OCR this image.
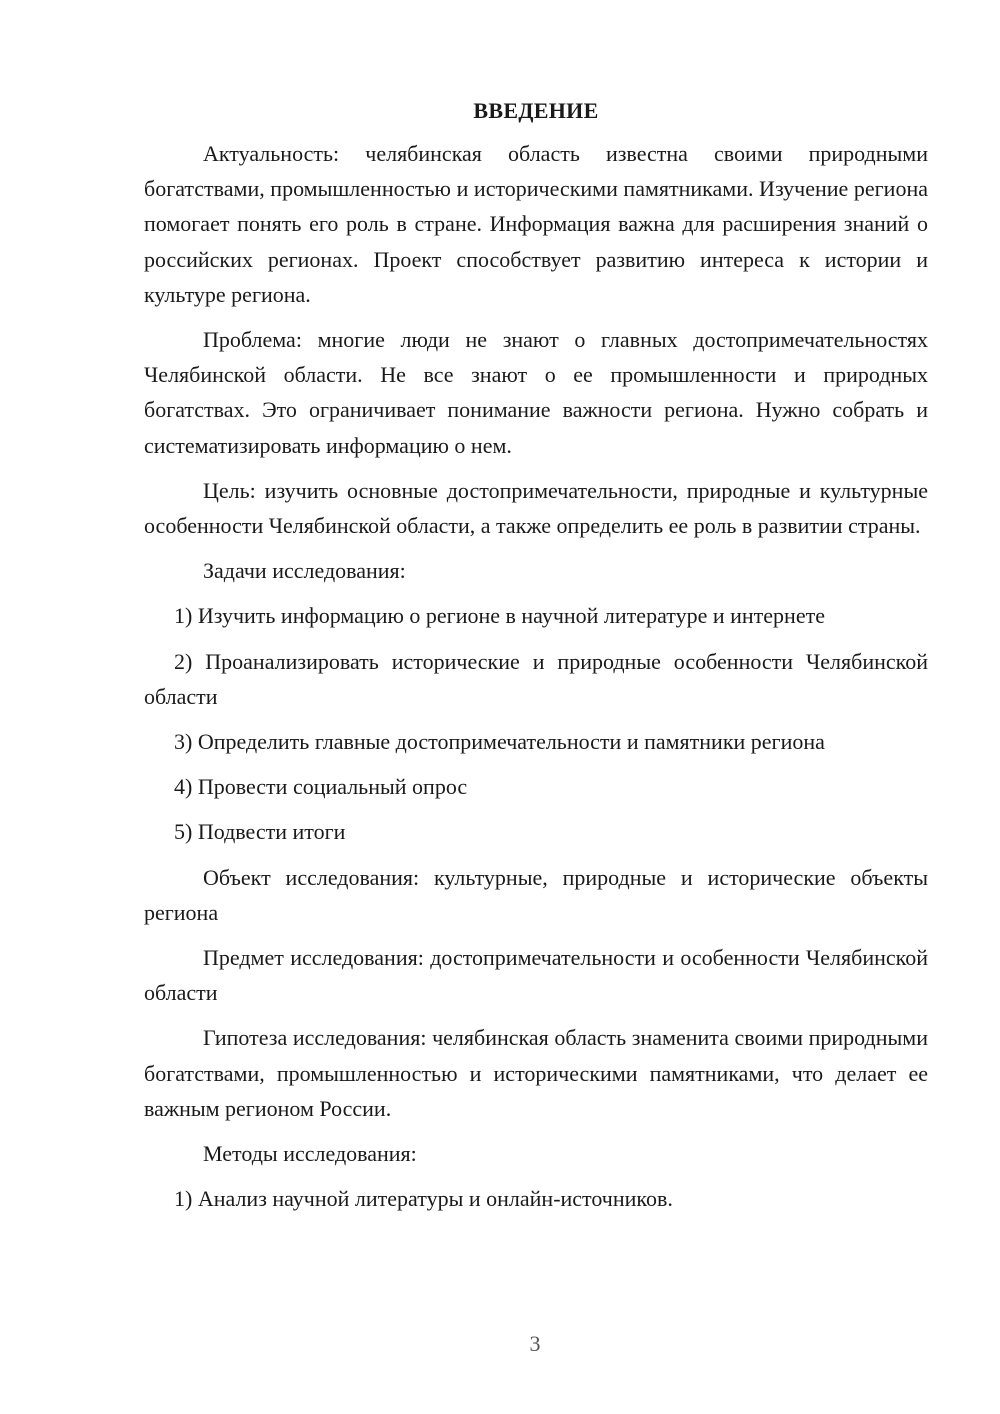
ВВЕДЕНИЕ

Актуальность: челябинская область известна своими природными богатствами, промышленностью и историческими памятниками. Изучение региона помогает понять его роль в стране. Информация важна для расширения знаний о российских регионах. Проект способствует развитию интереса к истории и культуре региона.

Проблема: многие люди не знают о главных достопримечательностях Челябинской области. Не все знают о ее промышленности и природных богатствах. Это ограничивает понимание важности региона. Нужно собрать и систематизировать информацию о нем.

Цель: изучить основные достопримечательности, природные и культурные особенности Челябинской области, а также определить ее роль в развитии страны.

Задачи исследования:

1) Изучить информацию о регионе в научной литературе и интернете

2) Проанализировать исторические и природные особенности Челябинской области

3) Определить главные достопримечательности и памятники региона

4) Провести социальный опрос

5) Подвести итоги

Объект исследования: культурные, природные и исторические объекты региона

Предмет исследования: достопримечательности и особенности Челябинской области

Гипотеза исследования: челябинская область знаменита своими природными богатствами, промышленностью и историческими памятниками, что делает ее важным регионом России.

Методы исследования:

1) Анализ научной литературы и онлайн-источников.

3
